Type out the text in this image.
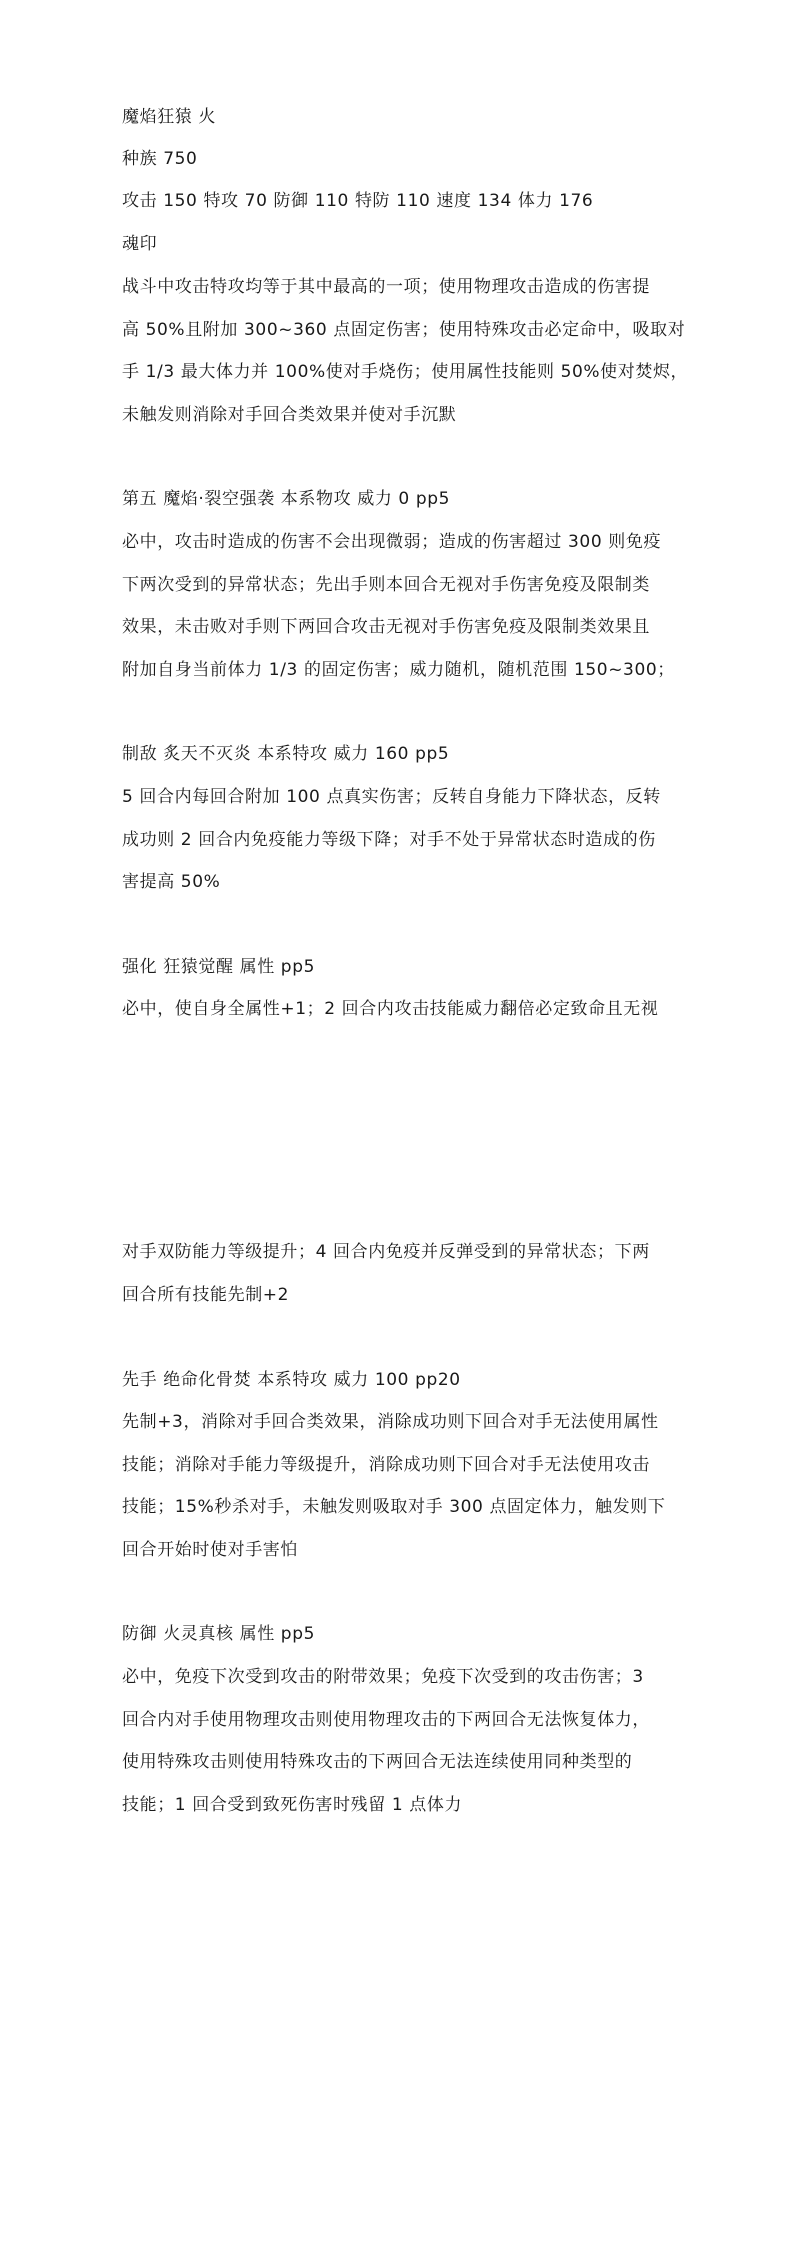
魔焰狂猿 火
种族 750
攻击 150 特攻 70 防御 110 特防 110 速度 134 体力 176
魂印
战斗中攻击特攻均等于其中最高的一项；使用物理攻击造成的伤害提
高 50%且附加 300~360 点固定伤害；使用特殊攻击必定命中，吸取对
手 1/3 最大体力并 100%使对手烧伤；使用属性技能则 50%使对焚烬，
未触发则消除对手回合类效果并使对手沉默
第五 魔焰·裂空强袭 本系物攻 威力 0 pp5
必中，攻击时造成的伤害不会出现微弱；造成的伤害超过 300 则免疫
下两次受到的异常状态；先出手则本回合无视对手伤害免疫及限制类
效果，未击败对手则下两回合攻击无视对手伤害免疫及限制类效果且
附加自身当前体力 1/3 的固定伤害；威力随机，随机范围 150~300；
制敌 炙天不灭炎 本系特攻 威力 160 pp5
5 回合内每回合附加 100 点真实伤害；反转自身能力下降状态，反转
成功则 2 回合内免疫能力等级下降；对手不处于异常状态时造成的伤
害提高 50%
强化 狂猿觉醒 属性 pp5
必中，使自身全属性+1；2 回合内攻击技能威力翻倍必定致命且无视
对手双防能力等级提升；4 回合内免疫并反弹受到的异常状态；下两
回合所有技能先制+2
先手 绝命化骨焚 本系特攻 威力 100 pp20
先制+3，消除对手回合类效果，消除成功则下回合对手无法使用属性
技能；消除对手能力等级提升，消除成功则下回合对手无法使用攻击
技能；15%秒杀对手，未触发则吸取对手 300 点固定体力，触发则下
回合开始时使对手害怕
防御 火灵真核 属性 pp5
必中，免疫下次受到攻击的附带效果；免疫下次受到的攻击伤害；3
回合内对手使用物理攻击则使用物理攻击的下两回合无法恢复体力，
使用特殊攻击则使用特殊攻击的下两回合无法连续使用同种类型的
技能；1 回合受到致死伤害时残留 1 点体力
